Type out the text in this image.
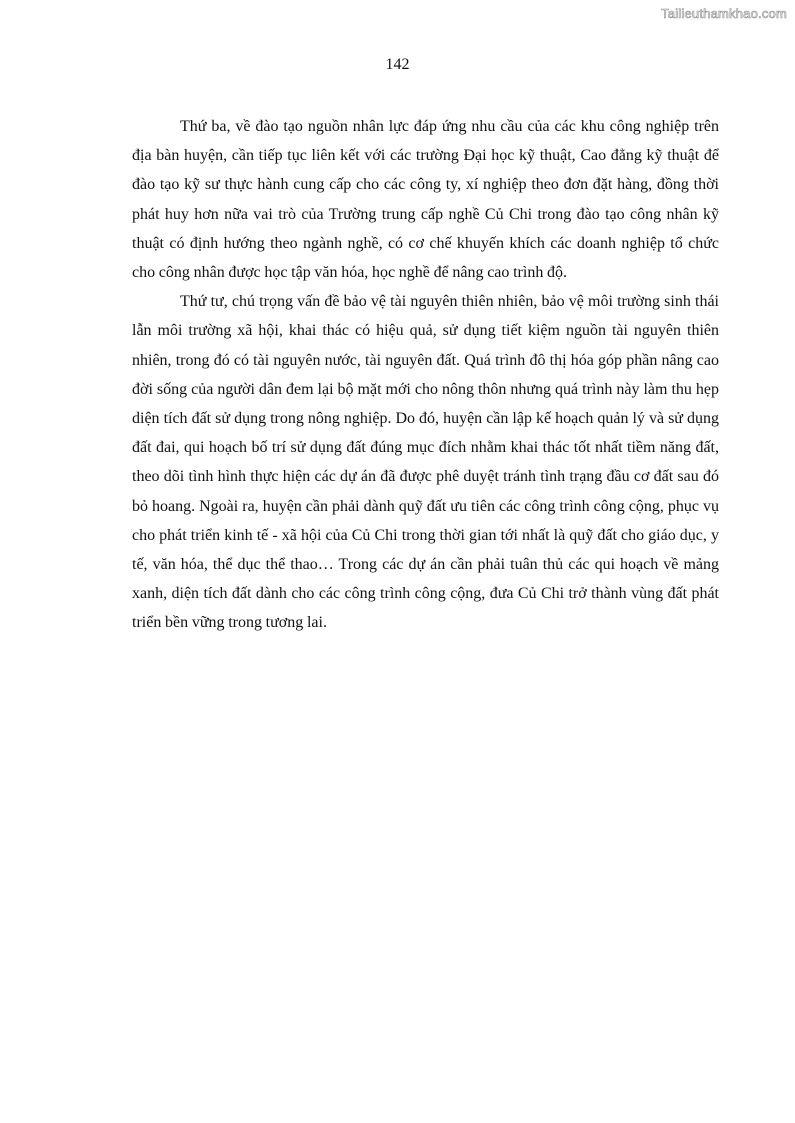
Tailieuthamkhao.com
142

Thứ ba, về đào tạo nguồn nhân lực đáp ứng nhu cầu của các khu công nghiệp trên địa bàn huyện, cần tiếp tục liên kết với các trường Đại học kỹ thuật, Cao đẳng kỹ thuật để đào tạo kỹ sư thực hành cung cấp cho các công ty, xí nghiệp theo đơn đặt hàng, đồng thời phát huy hơn nữa vai trò của Trường trung cấp nghề Củ Chi trong đào tạo công nhân kỹ thuật có định hướng theo ngành nghề, có cơ chế khuyến khích các doanh nghiệp tổ chức cho công nhân được học tập văn hóa, học nghề để nâng cao trình độ.

Thứ tư, chú trọng vấn đề bảo vệ tài nguyên thiên nhiên, bảo vệ môi trường sinh thái lẫn môi trường xã hội, khai thác có hiệu quả, sử dụng tiết kiệm nguồn tài nguyên thiên nhiên, trong đó có tài nguyên nước, tài nguyên đất. Quá trình đô thị hóa góp phần nâng cao đời sống của người dân đem lại bộ mặt mới cho nông thôn nhưng quá trình này làm thu hẹp diện tích đất sử dụng trong nông nghiệp. Do đó, huyện cần lập kế hoạch quản lý và sử dụng đất đai, qui hoạch bố trí sử dụng đất đúng mục đích nhằm khai thác tốt nhất tiềm năng đất, theo dõi tình hình thực hiện các dự án đã được phê duyệt tránh tình trạng đầu cơ đất sau đó bỏ hoang. Ngoài ra, huyện cần phải dành quỹ đất ưu tiên các công trình công cộng, phục vụ cho phát triển kinh tế - xã hội của Củ Chi trong thời gian tới nhất là quỹ đất cho giáo dục, y tế, văn hóa, thể dục thể thao… Trong các dự án cần phải tuân thủ các qui hoạch về mảng xanh, diện tích đất dành cho các công trình công cộng, đưa Củ Chi trở thành vùng đất phát triển bền vững trong tương lai.
